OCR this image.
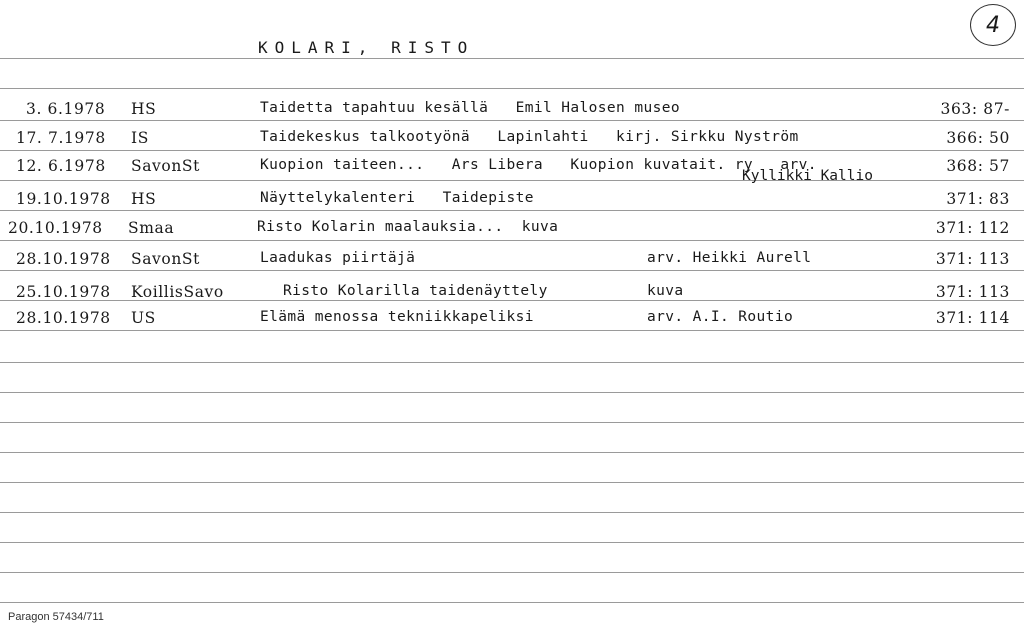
KOLARI, RISTO
4
3. 6.1978 HS	Taidetta tapahtuu kesällä   Emil Halosen museo	363: 87-
17. 7.1978 IS	Taidekeskus talkootyönä   Lapinlahti   kirj. Sirkku Nyström	366: 50
12. 6.1978 SavonSt	Kuopion taiteen...   Ars Libera   Kuopion kuvatait. ry   arv.	368: 57
Kyllikki Kallio
19.10.1978 HS	Näyttelykalenteri   Taidepiste	371: 83
20.10.1978 Smaa	Risto Kolarin maalauksia...  kuva	371: 112
28.10.1978 SavonSt	Laadukas piirtäjä	arv. Heikki Aurell	371: 113
25.10.1978 KoillisSavo	Risto Kolarilla taidenäyttely	kuva	371: 113
28.10.1978 US	Elämä menossa tekniikkapeliksi	arv. A.I. Routio	371: 114
Paragon 57434/711
